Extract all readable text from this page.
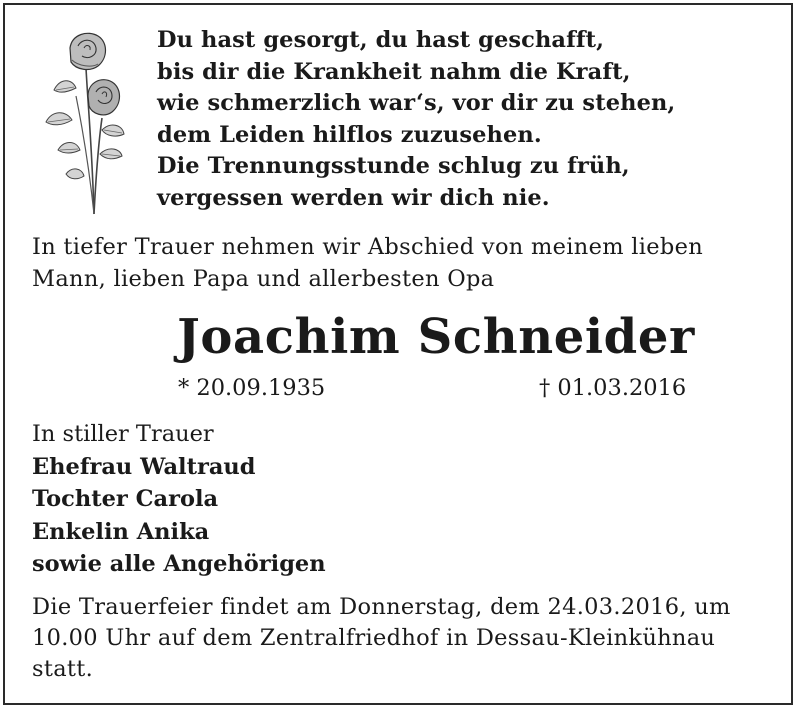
Du hast gesorgt, du hast geschafft,
bis dir die Krankheit nahm die Kraft,
wie schmerzlich war‘s, vor dir zu stehen,
dem Leiden hilflos zuzusehen.
Die Trennungsstunde schlug zu früh,
vergessen werden wir dich nie.
In tiefer Trauer nehmen wir Abschied von meinem lieben
Mann, lieben Papa und allerbesten Opa
Joachim Schneider
* 20.09.1935	† 01.03.2016
In stiller Trauer
Ehefrau Waltraud
Tochter Carola
Enkelin Anika
sowie alle Angehörigen
Die Trauerfeier findet am Donnerstag, dem 24.03.2016, um
10.00 Uhr auf dem Zentralfriedhof in Dessau-Kleinkühnau
statt.
